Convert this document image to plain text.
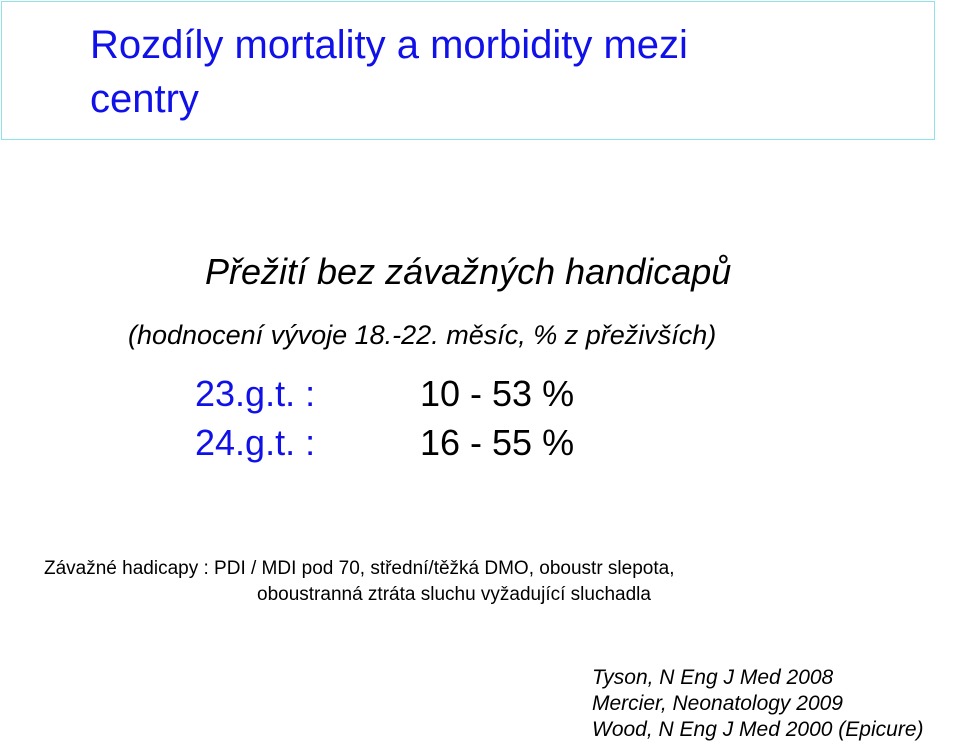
Rozdíly mortality a morbidity mezi
centry

Přežití bez závažných handicapů

(hodnocení vývoje 18.-22. měsíc, % z přeživších)

23.g.t. :	10 - 53 %
24.g.t. :	16 - 55 %

Závažné hadicapy : PDI / MDI pod 70, střední/těžká DMO, oboustr slepota,
oboustranná ztráta sluchu vyžadující sluchadla

Tyson, N Eng J Med 2008
Mercier, Neonatology 2009
Wood, N Eng J Med 2000 (Epicure)
